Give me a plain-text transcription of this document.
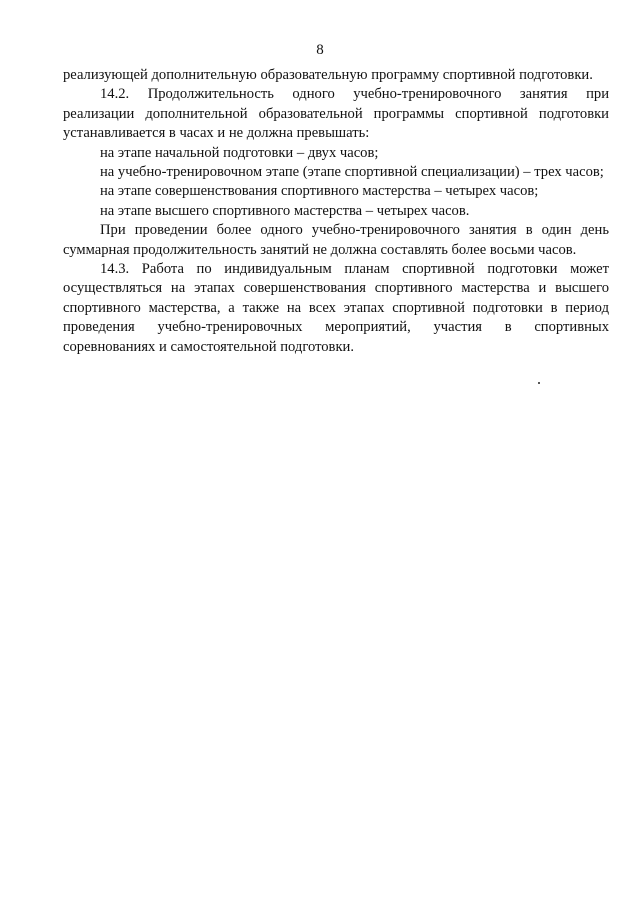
8

реализующей дополнительную образовательную программу спортивной подготовки.

14.2. Продолжительность одного учебно-тренировочного занятия при реализации дополнительной образовательной программы спортивной подготовки устанавливается в часах и не должна превышать:

на этапе начальной подготовки – двух часов;

на учебно-тренировочном этапе (этапе спортивной специализации) – трех часов;

на этапе совершенствования спортивного мастерства – четырех часов;

на этапе высшего спортивного мастерства – четырех часов.

При проведении более одного учебно-тренировочного занятия в один день суммарная продолжительность занятий не должна составлять более восьми часов.

14.3. Работа по индивидуальным планам спортивной подготовки может осуществляться на этапах совершенствования спортивного мастерства и высшего спортивного мастерства, а также на всех этапах спортивной подготовки в период проведения учебно-тренировочных мероприятий, участия в спортивных соревнованиях и самостоятельной подготовки.
